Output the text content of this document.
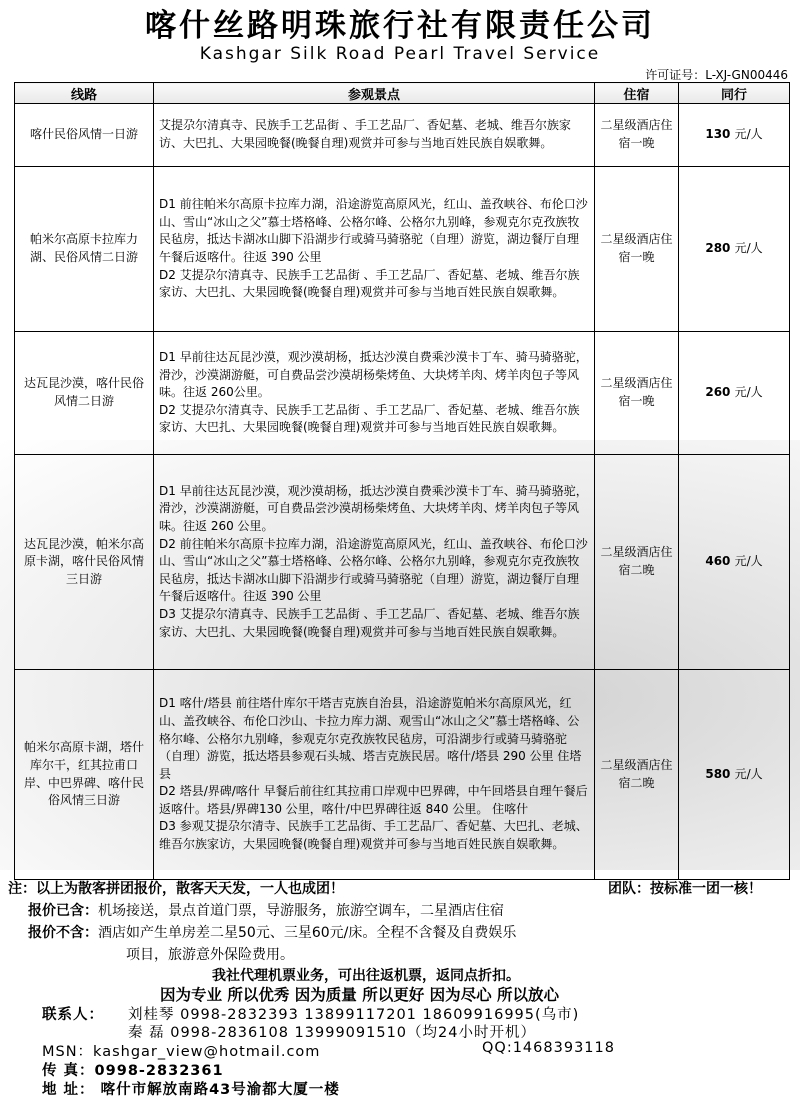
喀什丝路明珠旅行社有限责任公司
Kashgar Silk Road Pearl Travel Service
许可证号：L-XJ-GN00446
线路	参观景点	住宿	同行
喀什民俗风情一日游	艾提尕尔清真寺、民族手工艺品街 、手工艺品厂、香妃墓、老城、维吾尔族家访、大巴扎、大果园晚餐(晚餐自理)观赏并可参与当地百姓民族自娱歌舞。	二星级酒店住宿一晚	130 元/人
帕米尔高原卡拉库力湖、民俗风情二日游	D1 前往帕米尔高原卡拉库力湖，沿途游览高原风光，红山、盖孜峡谷、布伦口沙山、雪山“冰山之父”慕士塔格峰、公格尔峰、公格尔九别峰，参观克尔克孜族牧民毡房，抵达卡湖冰山脚下沿湖步行或骑马骑骆驼（自理）游览，湖边餐厅自理午餐后返喀什。往返 390 公里
D2 艾提尕尔清真寺、民族手工艺品街 、手工艺品厂、香妃墓、老城、维吾尔族家访、大巴扎、大果园晚餐(晚餐自理)观赏并可参与当地百姓民族自娱歌舞。	二星级酒店住宿一晚	280 元/人
达瓦昆沙漠，喀什民俗风情二日游	D1 早前往达瓦昆沙漠，观沙漠胡杨，抵达沙漠自费乘沙漠卡丁车、骑马骑骆驼，滑沙，沙漠湖游艇，可自费品尝沙漠胡杨柴烤鱼、大块烤羊肉、烤羊肉包子等风味。往返 260公里。
D2 艾提尕尔清真寺、民族手工艺品街 、手工艺品厂、香妃墓、老城、维吾尔族家访、大巴扎、大果园晚餐(晚餐自理)观赏并可参与当地百姓民族自娱歌舞。	二星级酒店住宿一晚	260 元/人
达瓦昆沙漠，帕米尔高原卡湖，喀什民俗风情三日游	D1 早前往达瓦昆沙漠，观沙漠胡杨，抵达沙漠自费乘沙漠卡丁车、骑马骑骆驼，滑沙，沙漠湖游艇，可自费品尝沙漠胡杨柴烤鱼、大块烤羊肉、烤羊肉包子等风味。往返 260 公里。
D2 前往帕米尔高原卡拉库力湖，沿途游览高原风光，红山、盖孜峡谷、布伦口沙山、雪山“冰山之父”慕士塔格峰、公格尔峰、公格尔九别峰，参观克尔克孜族牧民毡房，抵达卡湖冰山脚下沿湖步行或骑马骑骆驼（自理）游览，湖边餐厅自理午餐后返喀什。往返 390 公里
D3 艾提尕尔清真寺、民族手工艺品街 、手工艺品厂、香妃墓、老城、维吾尔族家访、大巴扎、大果园晚餐(晚餐自理)观赏并可参与当地百姓民族自娱歌舞。	二星级酒店住宿二晚	460 元/人
帕米尔高原卡湖，塔什库尔干，红其拉甫口岸、中巴界碑、喀什民俗风情三日游	D1 喀什/塔县 前往塔什库尔干塔吉克族自治县，沿途游览帕米尔高原风光，红山、盖孜峡谷、布伦口沙山、卡拉力库力湖、观雪山“冰山之父”慕士塔格峰、公格尔峰、公格尔九别峰，参观克尔克孜族牧民毡房，可沿湖步行或骑马骑骆驼（自理）游览，抵达塔县参观石头城、塔吉克族民居。喀什/塔县 290 公里 住塔县
D2 塔县/界碑/喀什 早餐后前往红其拉甫口岸观中巴界碑，中午回塔县自理午餐后返喀什。塔县/界碑130 公里，喀什/中巴界碑往返 840 公里。 住喀什
D3 参观艾提尕尔清寺、民族手工艺品街、手工艺品厂、香妃墓、大巴扎、老城、维吾尔族家访，大果园晚餐(晚餐自理)观赏并可参与当地百姓民族自娱歌舞。	二星级酒店住宿二晚	580 元/人
注：以上为散客拼团报价，散客天天发，一人也成团！	团队：按标准一团一核！
报价已含：机场接送，景点首道门票，导游服务，旅游空调车，二星酒店住宿
报价不含：酒店如产生单房差二星50元、三星60元/床。全程不含餐及自费娱乐
项目，旅游意外保险费用。
我社代理机票业务，可出往返机票，返同点折扣。
因为专业 所以优秀 因为质量 所以更好 因为尽心 所以放心
联系人： 刘桂琴 0998-2832393 13899117201 18609916995(乌市)
秦 磊 0998-2836108 13999091510（均24小时开机）
MSN：kashgar_view@hotmail.com	QQ:1468393118
传 真：0998-2832361
地 址： 喀什市解放南路43号渝都大厦一楼
